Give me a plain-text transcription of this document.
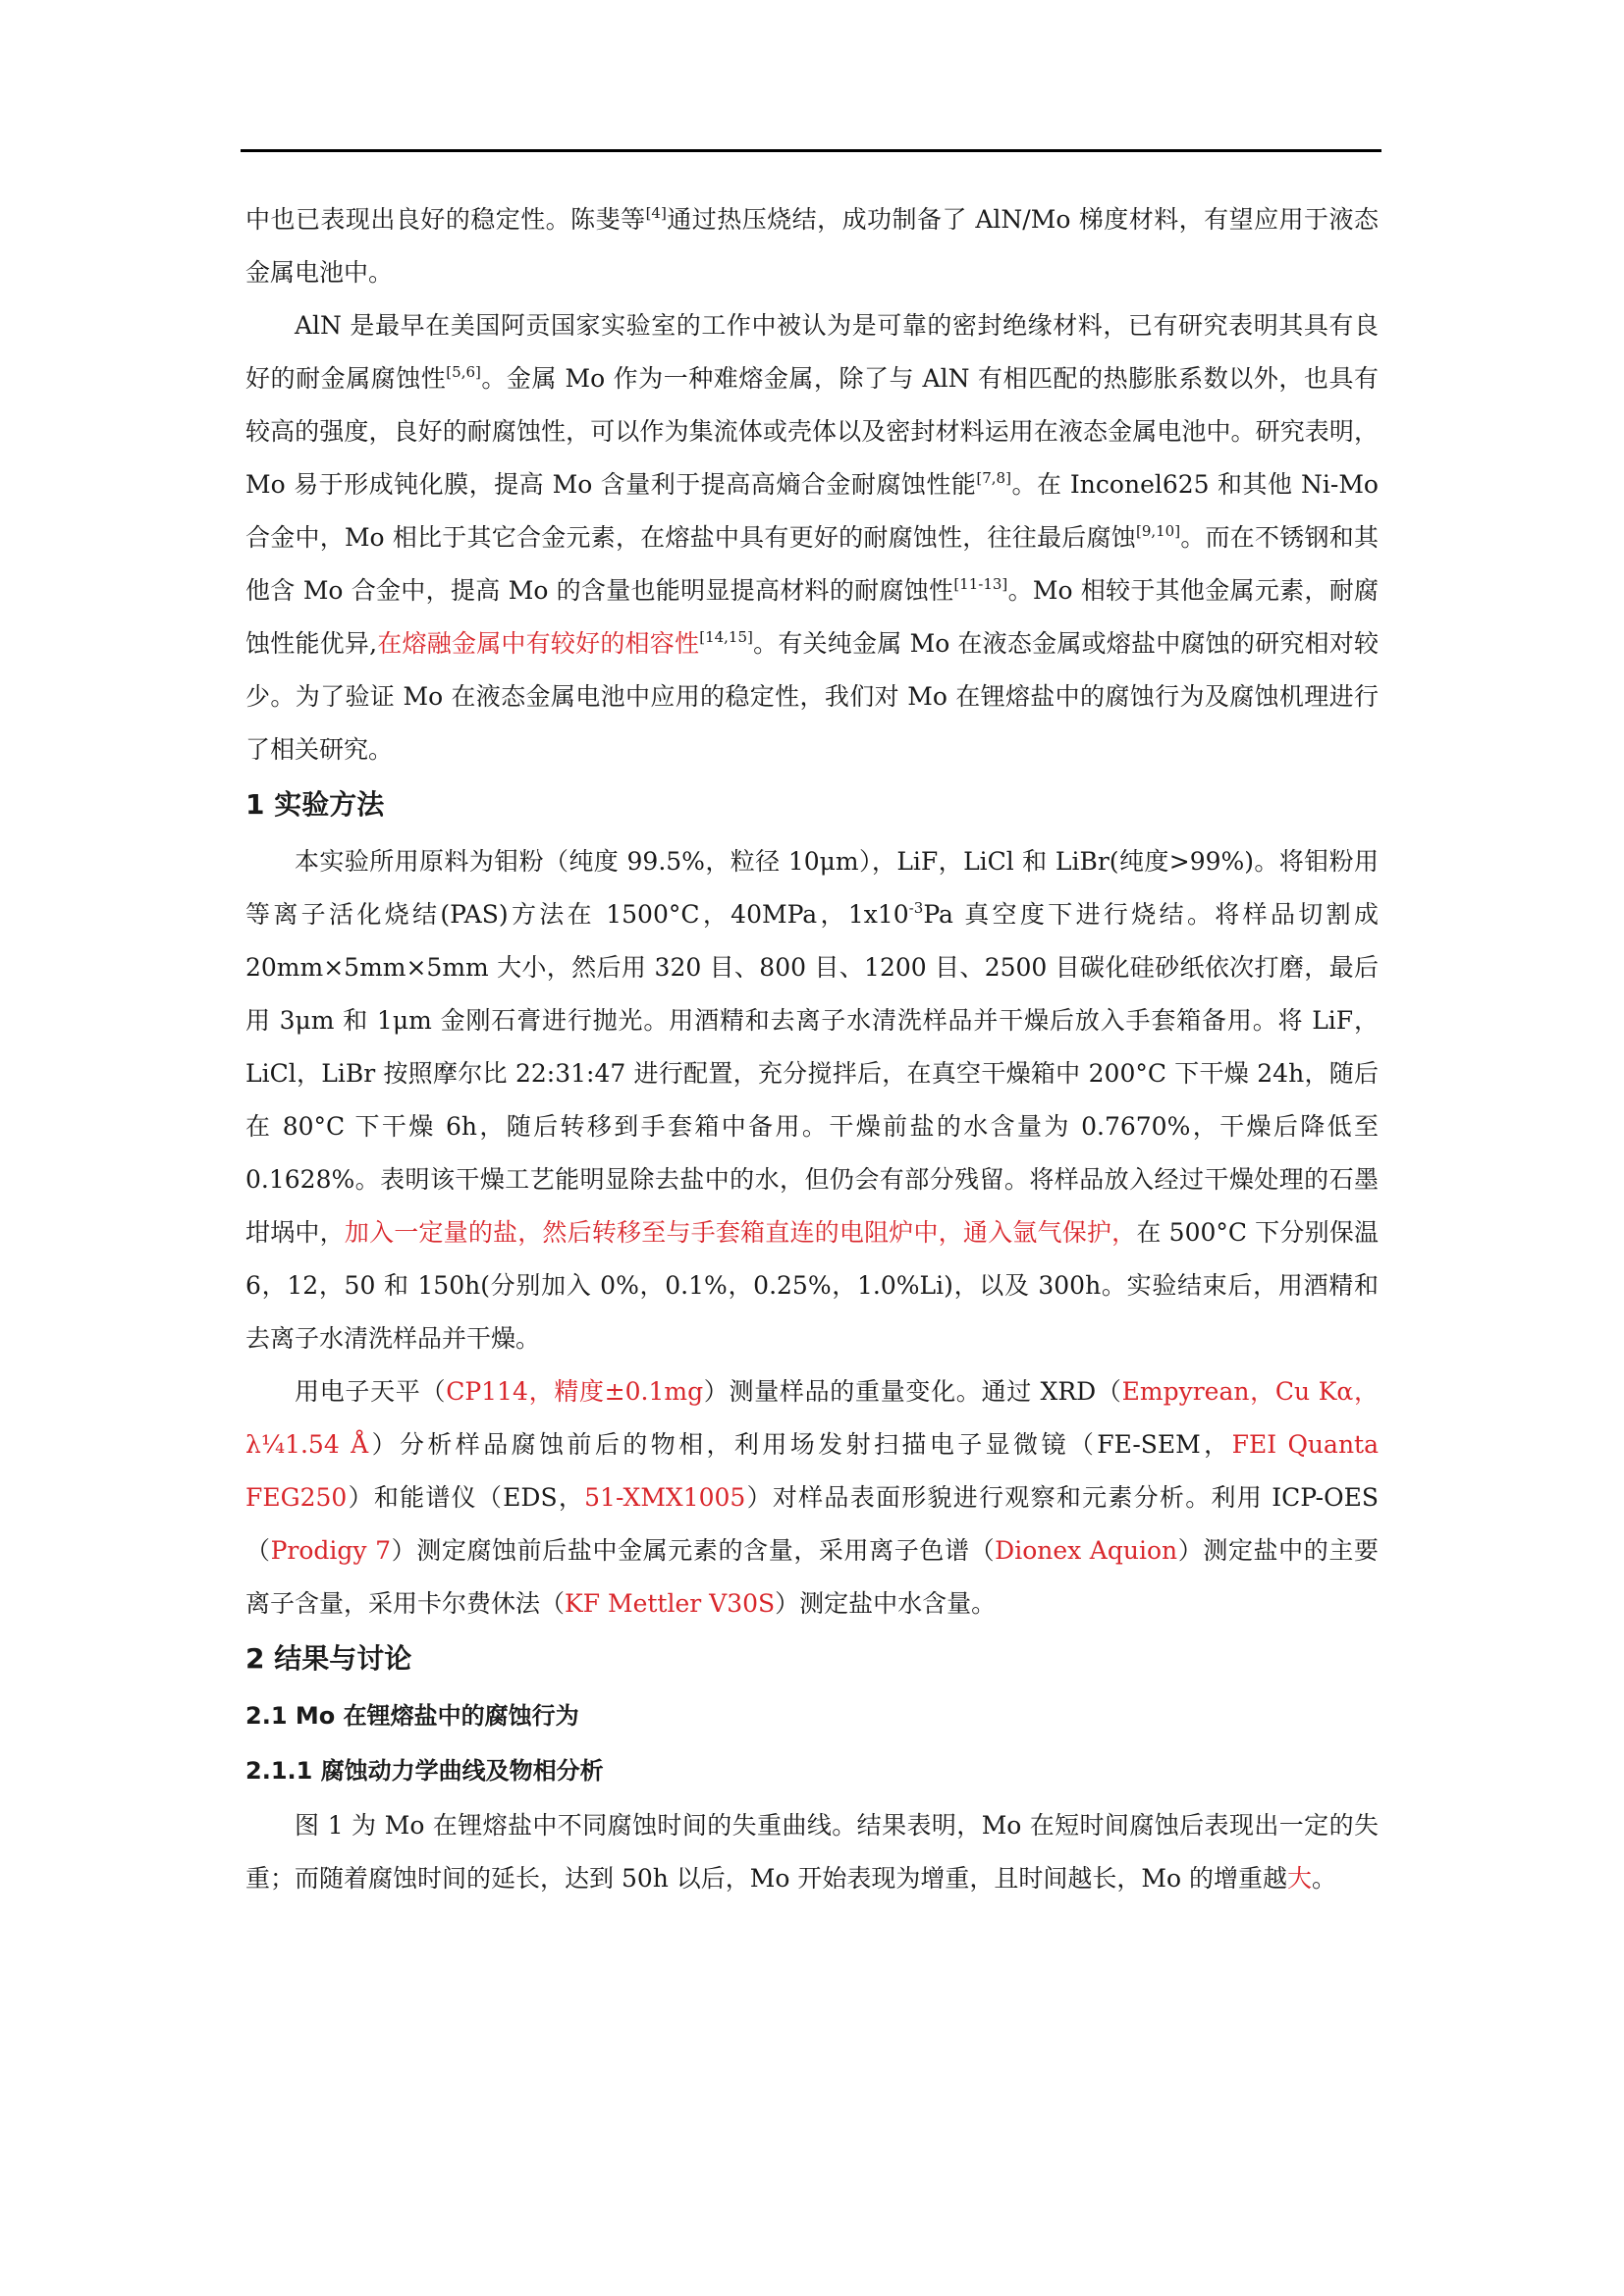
中也已表现出良好的稳定性。陈斐等[4]通过热压烧结，成功制备了 AlN/Mo 梯度材料，有望应用于液态金属电池中。

AlN 是最早在美国阿贡国家实验室的工作中被认为是可靠的密封绝缘材料，已有研究表明其具有良好的耐金属腐蚀性[5,6]。金属 Mo 作为一种难熔金属，除了与 AlN 有相匹配的热膨胀系数以外，也具有较高的强度，良好的耐腐蚀性，可以作为集流体或壳体以及密封材料运用在液态金属电池中。研究表明，Mo 易于形成钝化膜，提高 Mo 含量利于提高高熵合金耐腐蚀性能[7,8]。在 Inconel625 和其他 Ni-Mo 合金中，Mo 相比于其它合金元素，在熔盐中具有更好的耐腐蚀性，往往最后腐蚀[9,10]。而在不锈钢和其他含 Mo 合金中，提高 Mo 的含量也能明显提高材料的耐腐蚀性[11-13]。Mo 相较于其他金属元素，耐腐蚀性能优异,在熔融金属中有较好的相容性[14,15]。有关纯金属 Mo 在液态金属或熔盐中腐蚀的研究相对较少。为了验证 Mo 在液态金属电池中应用的稳定性，我们对 Mo 在锂熔盐中的腐蚀行为及腐蚀机理进行了相关研究。

1 实验方法

本实验所用原料为钼粉（纯度 99.5%，粒径 10μm），LiF，LiCl 和 LiBr(纯度>99%)。将钼粉用等离子活化烧结(PAS)方法在 1500°C，40MPa，$1x10^{-3}Pa$ 真空度下进行烧结。将样品切割成 20mm×5mm×5mm 大小，然后用 320 目、800 目、1200 目、2500 目碳化硅砂纸依次打磨，最后用 3μm 和 1μm 金刚石膏进行抛光。用酒精和去离子水清洗样品并干燥后放入手套箱备用。将 LiF，LiCl，LiBr 按照摩尔比 22:31:47 进行配置，充分搅拌后，在真空干燥箱中 200°C 下干燥 24h，随后在 80°C 下干燥 6h，随后转移到手套箱中备用。干燥前盐的水含量为 0.7670%，干燥后降低至 0.1628%。表明该干燥工艺能明显除去盐中的水，但仍会有部分残留。将样品放入经过干燥处理的石墨坩埚中，加入一定量的盐，然后转移至与手套箱直连的电阻炉中，通入氩气保护，在 500°C 下分别保温 6，12，50 和 150h(分别加入 0%，0.1%，0.25%，1.0%Li)，以及 300h。实验结束后，用酒精和去离子水清洗样品并干燥。

用电子天平（CP114，精度±0.1mg）测量样品的重量变化。通过 XRD（Empyrean，Cu Kα，λ¼1.54 Å）分析样品腐蚀前后的物相，利用场发射扫描电子显微镜（FE-SEM，FEI Quanta FEG250）和能谱仪（EDS，51-XMX1005）对样品表面形貌进行观察和元素分析。利用 ICP-OES（Prodigy 7）测定腐蚀前后盐中金属元素的含量，采用离子色谱（Dionex Aquion）测定盐中的主要离子含量，采用卡尔费休法（KF Mettler V30S）测定盐中水含量。

2 结果与讨论
2.1 Mo 在锂熔盐中的腐蚀行为
2.1.1 腐蚀动力学曲线及物相分析

图 1 为 Mo 在锂熔盐中不同腐蚀时间的失重曲线。结果表明，Mo 在短时间腐蚀后表现出一定的失重；而随着腐蚀时间的延长，达到 50h 以后，Mo 开始表现为增重，且时间越长，Mo 的增重越大。
